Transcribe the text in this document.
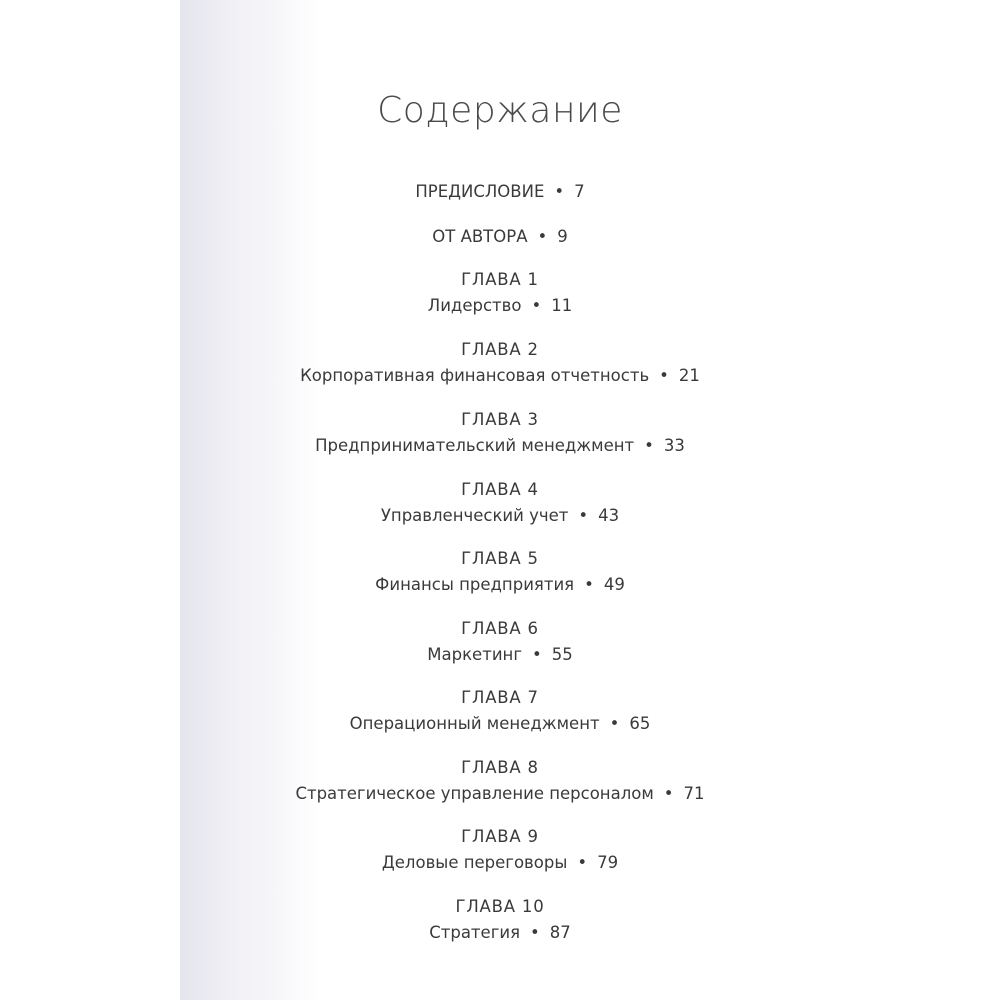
Содержание
ПРЕДИСЛОВИЕ • 7
ОТ АВТОРА • 9
ГЛАВА 1
Лидерство • 11
ГЛАВА 2
Корпоративная финансовая отчетность • 21
ГЛАВА 3
Предпринимательский менеджмент • 33
ГЛАВА 4
Управленческий учет • 43
ГЛАВА 5
Финансы предприятия • 49
ГЛАВА 6
Маркетинг • 55
ГЛАВА 7
Операционный менеджмент • 65
ГЛАВА 8
Стратегическое управление персоналом • 71
ГЛАВА 9
Деловые переговоры • 79
ГЛАВА 10
Стратегия • 87
